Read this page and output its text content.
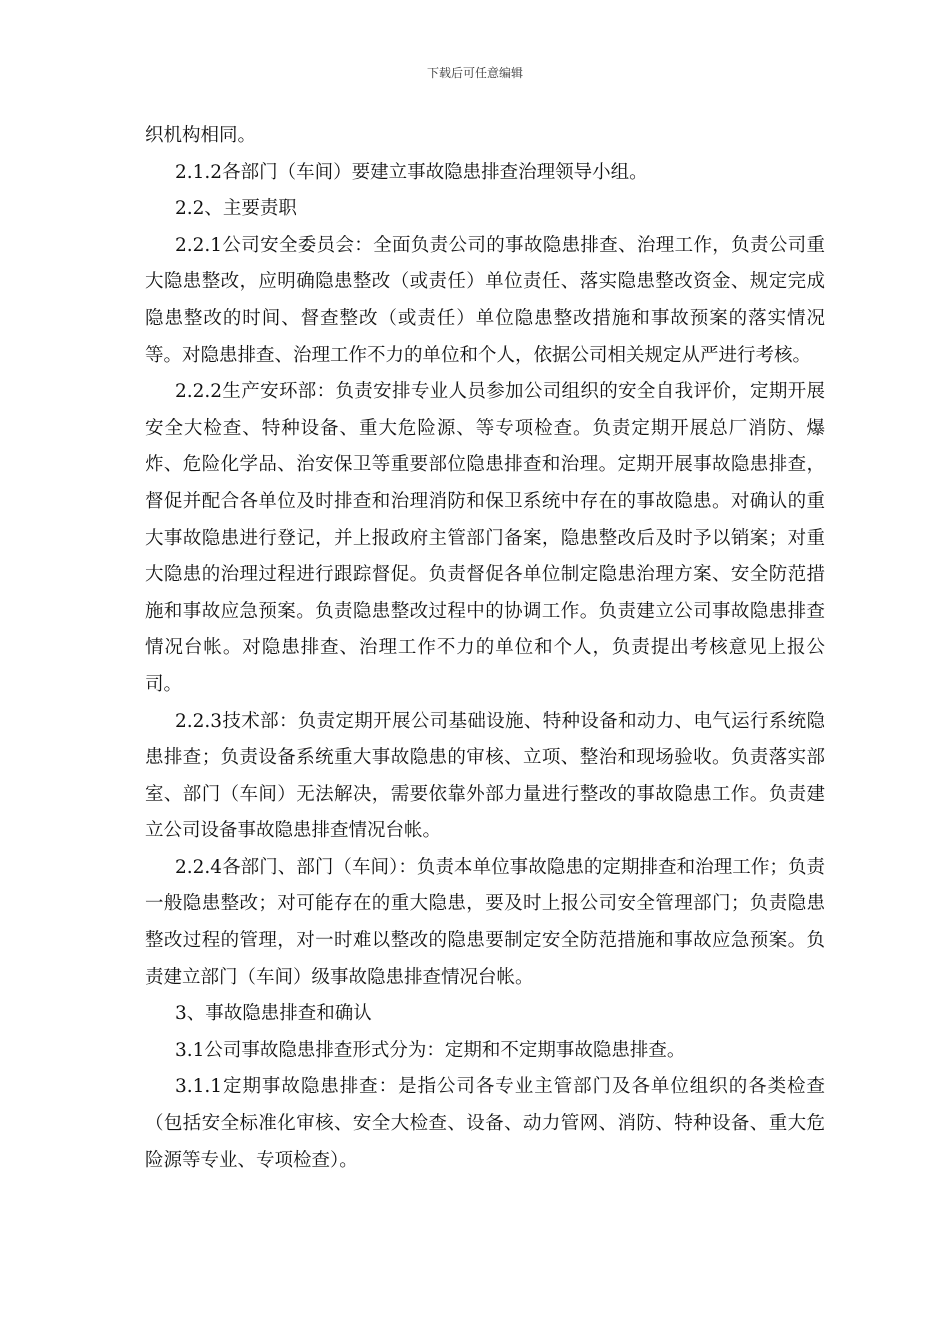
下载后可任意编辑

织机构相同。

2.1.2各部门（车间）要建立事故隐患排查治理领导小组。

2.2、主要责职

2.2.1公司安全委员会：全面负责公司的事故隐患排查、治理工作，负责公司重大隐患整改，应明确隐患整改（或责任）单位责任、落实隐患整改资金、规定完成隐患整改的时间、督查整改（或责任）单位隐患整改措施和事故预案的落实情况等。对隐患排查、治理工作不力的单位和个人，依据公司相关规定从严进行考核。

2.2.2生产安环部：负责安排专业人员参加公司组织的安全自我评价，定期开展安全大检查、特种设备、重大危险源、等专项检查。负责定期开展总厂消防、爆炸、危险化学品、治安保卫等重要部位隐患排查和治理。定期开展事故隐患排查，督促并配合各单位及时排查和治理消防和保卫系统中存在的事故隐患。对确认的重大事故隐患进行登记，并上报政府主管部门备案，隐患整改后及时予以销案；对重大隐患的治理过程进行跟踪督促。负责督促各单位制定隐患治理方案、安全防范措施和事故应急预案。负责隐患整改过程中的协调工作。负责建立公司事故隐患排查情况台帐。对隐患排查、治理工作不力的单位和个人，负责提出考核意见上报公司。

2.2.3技术部：负责定期开展公司基础设施、特种设备和动力、电气运行系统隐患排查；负责设备系统重大事故隐患的审核、立项、整治和现场验收。负责落实部室、部门（车间）无法解决，需要依靠外部力量进行整改的事故隐患工作。负责建立公司设备事故隐患排查情况台帐。

2.2.4各部门、部门（车间）：负责本单位事故隐患的定期排查和治理工作；负责一般隐患整改；对可能存在的重大隐患，要及时上报公司安全管理部门；负责隐患整改过程的管理，对一时难以整改的隐患要制定安全防范措施和事故应急预案。负责建立部门（车间）级事故隐患排查情况台帐。

3、事故隐患排查和确认

3.1公司事故隐患排查形式分为：定期和不定期事故隐患排查。

3.1.1定期事故隐患排查：是指公司各专业主管部门及各单位组织的各类检查（包括安全标准化审核、安全大检查、设备、动力管网、消防、特种设备、重大危险源等专业、专项检查）。
